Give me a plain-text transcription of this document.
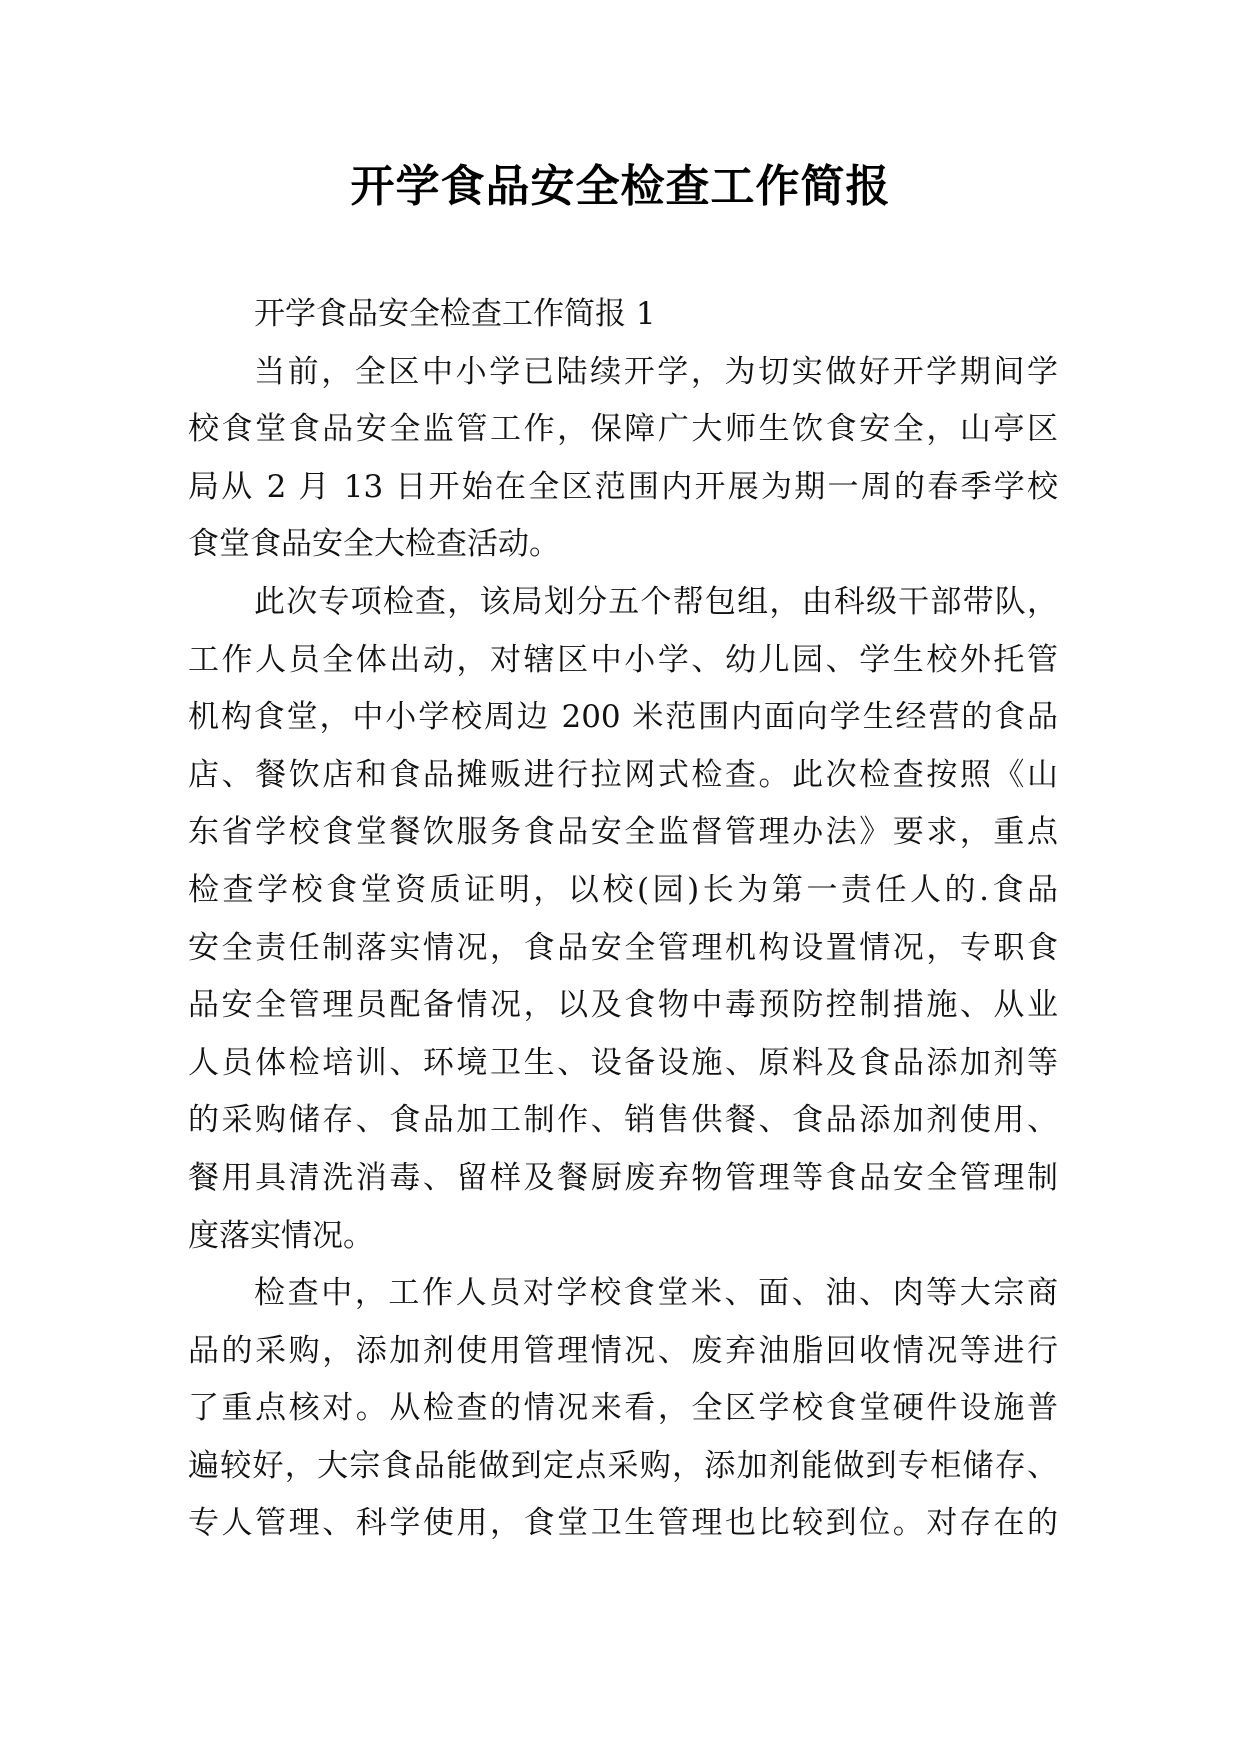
开学食品安全检查工作简报
开学食品安全检查工作简报 1
当前，全区中小学已陆续开学，为切实做好开学期间学
校食堂食品安全监管工作，保障广大师生饮食安全，山亭区
局从 2 月 13 日开始在全区范围内开展为期一周的春季学校
食堂食品安全大检查活动。
此次专项检查，该局划分五个帮包组，由科级干部带队，
工作人员全体出动，对辖区中小学、幼儿园、学生校外托管
机构食堂，中小学校周边 200 米范围内面向学生经营的食品
店、餐饮店和食品摊贩进行拉网式检查。此次检查按照《山
东省学校食堂餐饮服务食品安全监督管理办法》要求，重点
检查学校食堂资质证明，以校(园)长为第一责任人的.食品
安全责任制落实情况，食品安全管理机构设置情况，专职食
品安全管理员配备情况，以及食物中毒预防控制措施、从业
人员体检培训、环境卫生、设备设施、原料及食品添加剂等
的采购储存、食品加工制作、销售供餐、食品添加剂使用、
餐用具清洗消毒、留样及餐厨废弃物管理等食品安全管理制
度落实情况。
检查中，工作人员对学校食堂米、面、油、肉等大宗商
品的采购，添加剂使用管理情况、废弃油脂回收情况等进行
了重点核对。从检查的情况来看，全区学校食堂硬件设施普
遍较好，大宗食品能做到定点采购，添加剂能做到专柜储存、
专人管理、科学使用，食堂卫生管理也比较到位。对存在的
